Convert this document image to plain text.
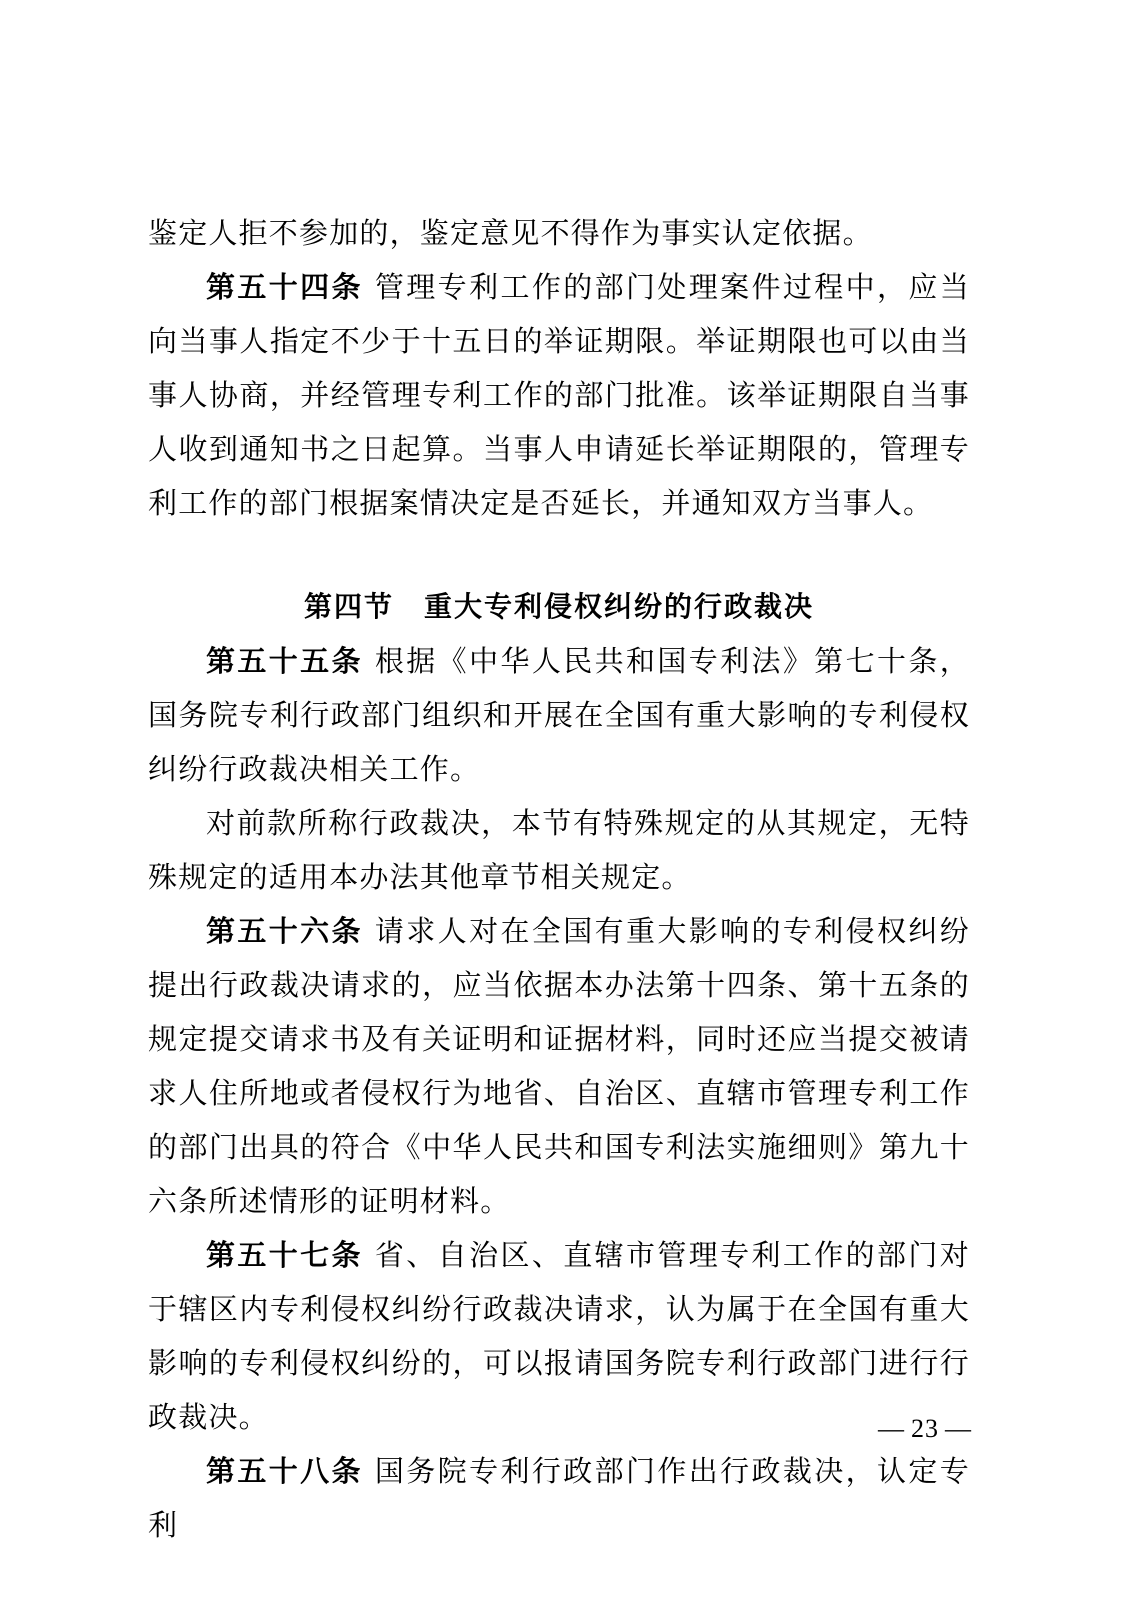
鉴定人拒不参加的，鉴定意见不得作为事实认定依据。

第五十四条 管理专利工作的部门处理案件过程中，应当向当事人指定不少于十五日的举证期限。举证期限也可以由当事人协商，并经管理专利工作的部门批准。该举证期限自当事人收到通知书之日起算。当事人申请延长举证期限的，管理专利工作的部门根据案情决定是否延长，并通知双方当事人。

第四节 重大专利侵权纠纷的行政裁决

第五十五条 根据《中华人民共和国专利法》第七十条，国务院专利行政部门组织和开展在全国有重大影响的专利侵权纠纷行政裁决相关工作。

对前款所称行政裁决，本节有特殊规定的从其规定，无特殊规定的适用本办法其他章节相关规定。

第五十六条 请求人对在全国有重大影响的专利侵权纠纷提出行政裁决请求的，应当依据本办法第十四条、第十五条的规定提交请求书及有关证明和证据材料，同时还应当提交被请求人住所地或者侵权行为地省、自治区、直辖市管理专利工作的部门出具的符合《中华人民共和国专利法实施细则》第九十六条所述情形的证明材料。

第五十七条 省、自治区、直辖市管理专利工作的部门对于辖区内专利侵权纠纷行政裁决请求，认为属于在全国有重大影响的专利侵权纠纷的，可以报请国务院专利行政部门进行行政裁决。

第五十八条 国务院专利行政部门作出行政裁决，认定专利

— 23 —
